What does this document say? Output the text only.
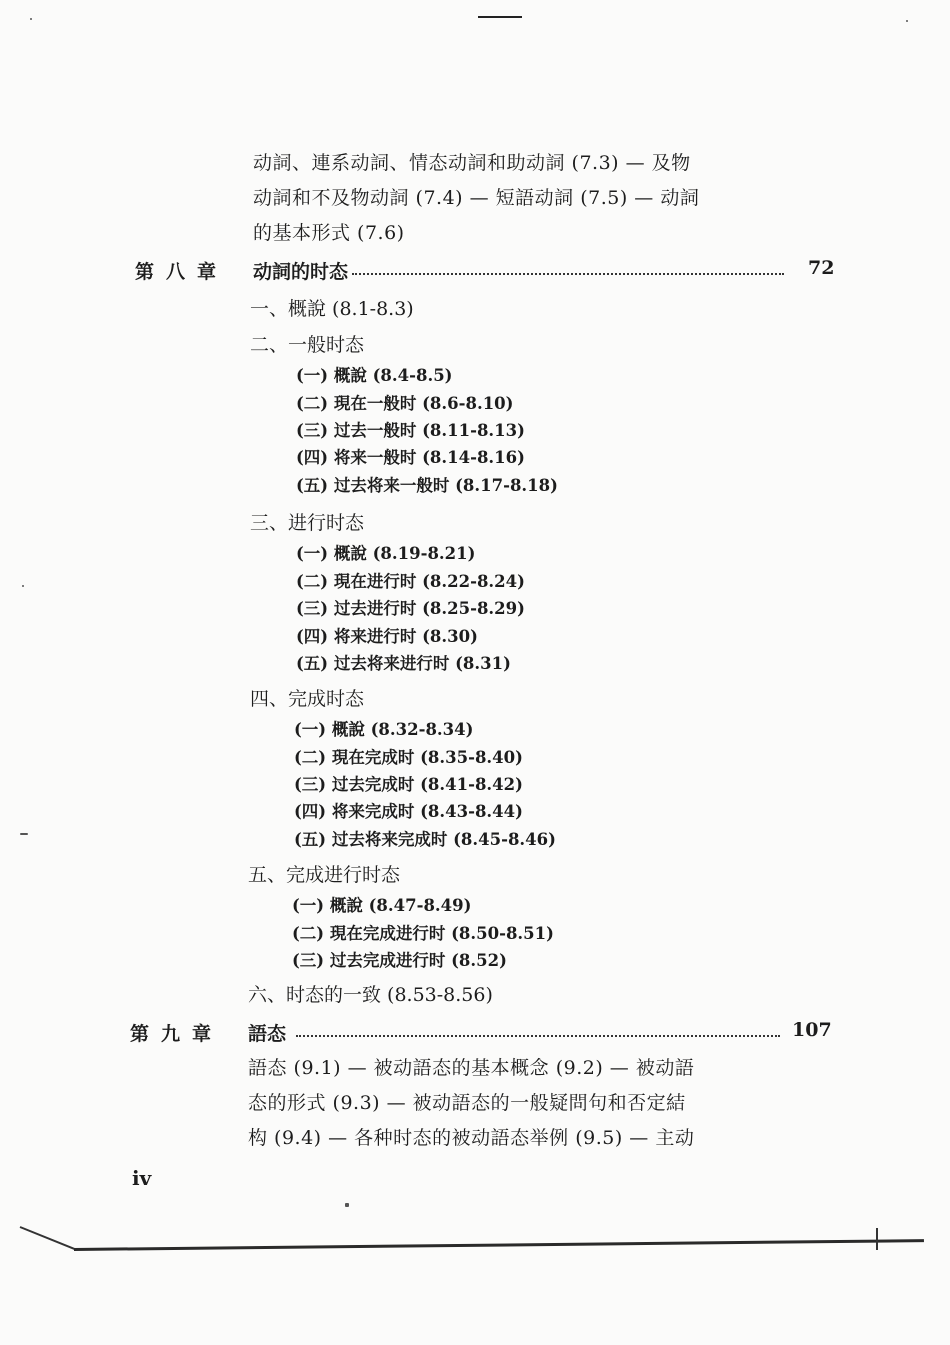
动詞、連系动詞、情态动詞和助动詞 (7.3) — 及物
动詞和不及物动詞 (7.4) — 短語动詞 (7.5) — 动詞
的基本形式 (7.6)
第八章 动詞的时态	72
一、概說 (8.1-8.3)
二、一般时态
(一) 概說 (8.4-8.5)
(二) 現在一般时 (8.6-8.10)
(三) 过去一般时 (8.11-8.13)
(四) 将来一般时 (8.14-8.16)
(五) 过去将来一般时 (8.17-8.18)
三、进行时态
(一) 概說 (8.19-8.21)
(二) 現在进行时 (8.22-8.24)
(三) 过去进行时 (8.25-8.29)
(四) 将来进行时 (8.30)
(五) 过去将来进行时 (8.31)
四、完成时态
(一) 概說 (8.32-8.34)
(二) 現在完成时 (8.35-8.40)
(三) 过去完成时 (8.41-8.42)
(四) 将来完成时 (8.43-8.44)
(五) 过去将来完成时 (8.45-8.46)
五、完成进行时态
(一) 概說 (8.47-8.49)
(二) 現在完成进行时 (8.50-8.51)
(三) 过去完成进行时 (8.52)
六、时态的一致 (8.53-8.56)
第九章 語态	107
語态 (9.1) — 被动語态的基本概念 (9.2) — 被动語
态的形式 (9.3) — 被动語态的一般疑問句和否定結
构 (9.4) — 各种时态的被动語态举例 (9.5) — 主动
iv
